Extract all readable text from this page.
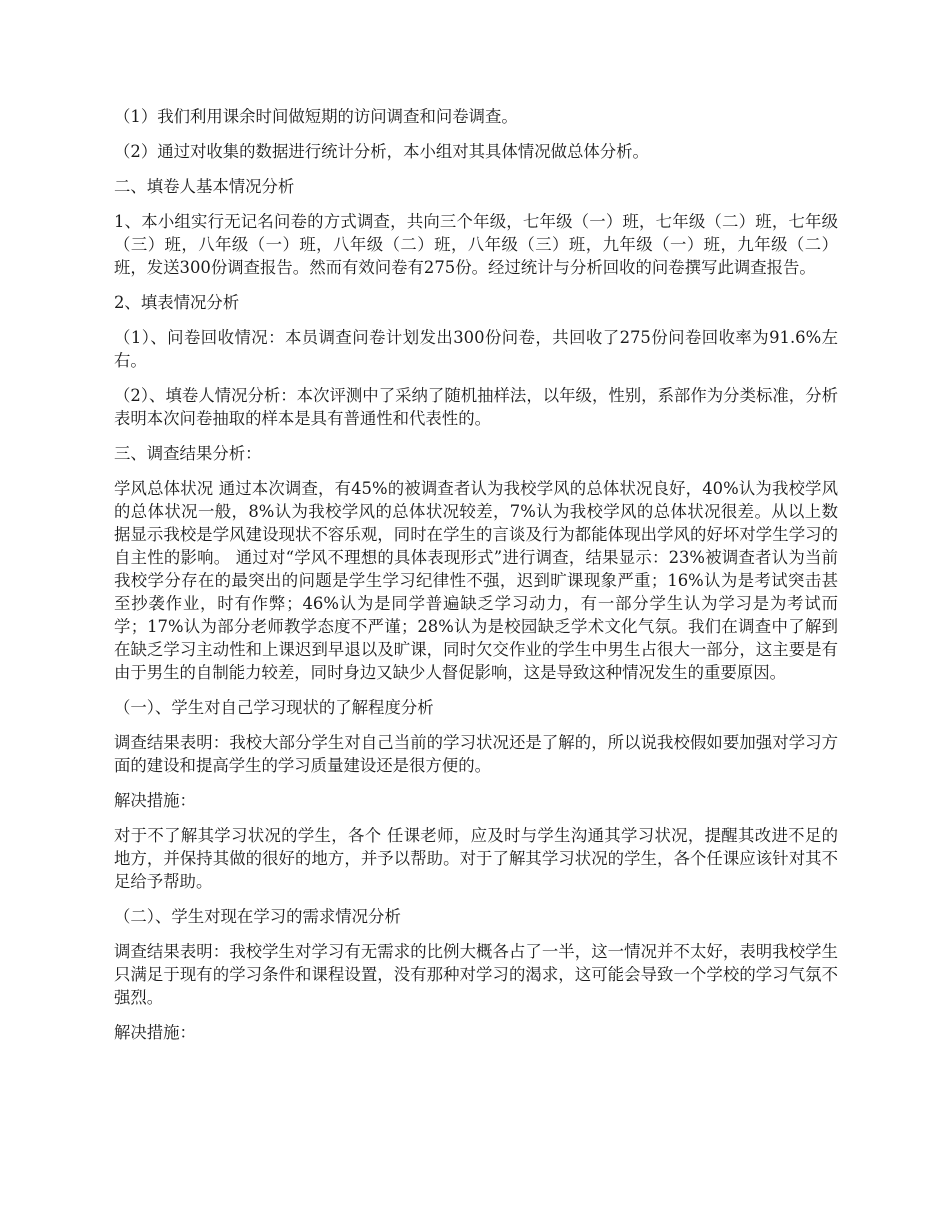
（1）我们利用课余时间做短期的访问调查和问卷调查。

（2）通过对收集的数据进行统计分析，本小组对其具体情况做总体分析。

二、填卷人基本情况分析

1、本小组实行无记名问卷的方式调查，共向三个年级，七年级（一）班，七年级（二）班，七年级（三）班，八年级（一）班，八年级（二）班，八年级（三）班，九年级（一）班，九年级（二）班，发送300份调查报告。然而有效问卷有275份。经过统计与分析回收的问卷撰写此调查报告。

2、填表情况分析

（1）、问卷回收情况：本员调查问卷计划发出300份问卷，共回收了275份问卷回收率为91.6%左右。

（2）、填卷人情况分析：本次评测中了采纳了随机抽样法，以年级，性别，系部作为分类标准，分析表明本次问卷抽取的样本是具有普通性和代表性的。

三、调查结果分析：

学风总体状况 通过本次调查，有45%的被调查者认为我校学风的总体状况良好，40%认为我校学风的总体状况一般，8%认为我校学风的总体状况较差，7%认为我校学风的总体状况很差。从以上数据显示我校是学风建设现状不容乐观，同时在学生的言谈及行为都能体现出学风的好坏对学生学习的自主性的影响。 通过对“学风不理想的具体表现形式”进行调查，结果显示：23%被调查者认为当前我校学分存在的最突出的问题是学生学习纪律性不强，迟到旷课现象严重；16%认为是考试突击甚至抄袭作业，时有作弊；46%认为是同学普遍缺乏学习动力，有一部分学生认为学习是为考试而学；17%认为部分老师教学态度不严谨；28%认为是校园缺乏学术文化气氛。我们在调查中了解到在缺乏学习主动性和上课迟到早退以及旷课，同时欠交作业的学生中男生占很大一部分，这主要是有由于男生的自制能力较差，同时身边又缺少人督促影响，这是导致这种情况发生的重要原因。

（一）、学生对自己学习现状的了解程度分析

调查结果表明：我校大部分学生对自己当前的学习状况还是了解的，所以说我校假如要加强对学习方面的建设和提高学生的学习质量建设还是很方便的。

解决措施：

对于不了解其学习状况的学生，各个 任课老师，应及时与学生沟通其学习状况，提醒其改进不足的地方，并保持其做的很好的地方，并予以帮助。对于了解其学习状况的学生，各个任课应该针对其不足给予帮助。

（二）、学生对现在学习的需求情况分析

调查结果表明：我校学生对学习有无需求的比例大概各占了一半，这一情况并不太好，表明我校学生只满足于现有的学习条件和课程设置，没有那种对学习的渴求，这可能会导致一个学校的学习气氛不强烈。

解决措施：
